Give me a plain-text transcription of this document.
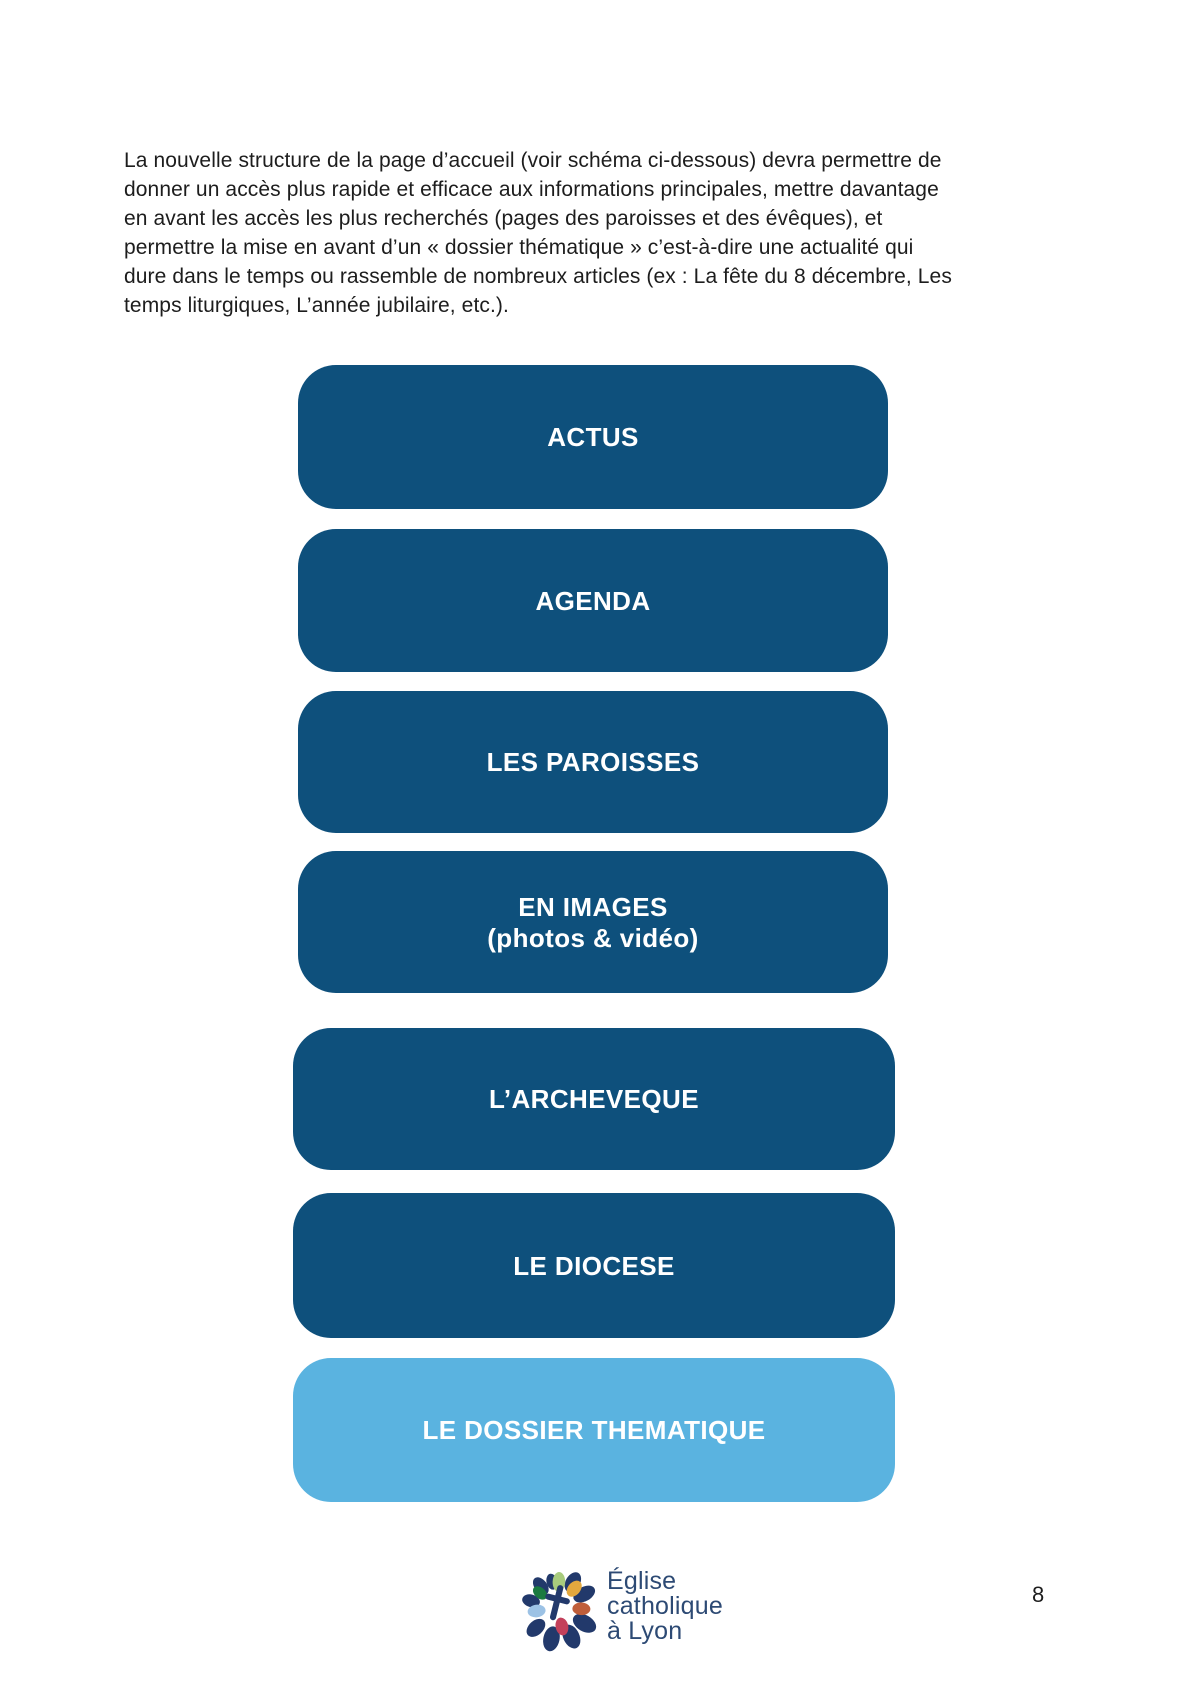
La nouvelle structure de la page d’accueil (voir schéma ci-dessous) devra permettre de
donner un accès plus rapide et efficace aux informations principales, mettre davantage
en avant les accès les plus recherchés (pages des paroisses et des évêques), et
permettre la mise en avant d’un « dossier thématique » c’est-à-dire une actualité qui
dure dans le temps ou rassemble de nombreux articles (ex : La fête du 8 décembre, Les
temps liturgiques, L’année jubilaire, etc.).
ACTUS
AGENDA
LES PAROISSES
EN IMAGES
(photos & vidéo)
L’ARCHEVEQUE
LE DIOCESE
LE DOSSIER THEMATIQUE
Église
catholique
à Lyon
8
